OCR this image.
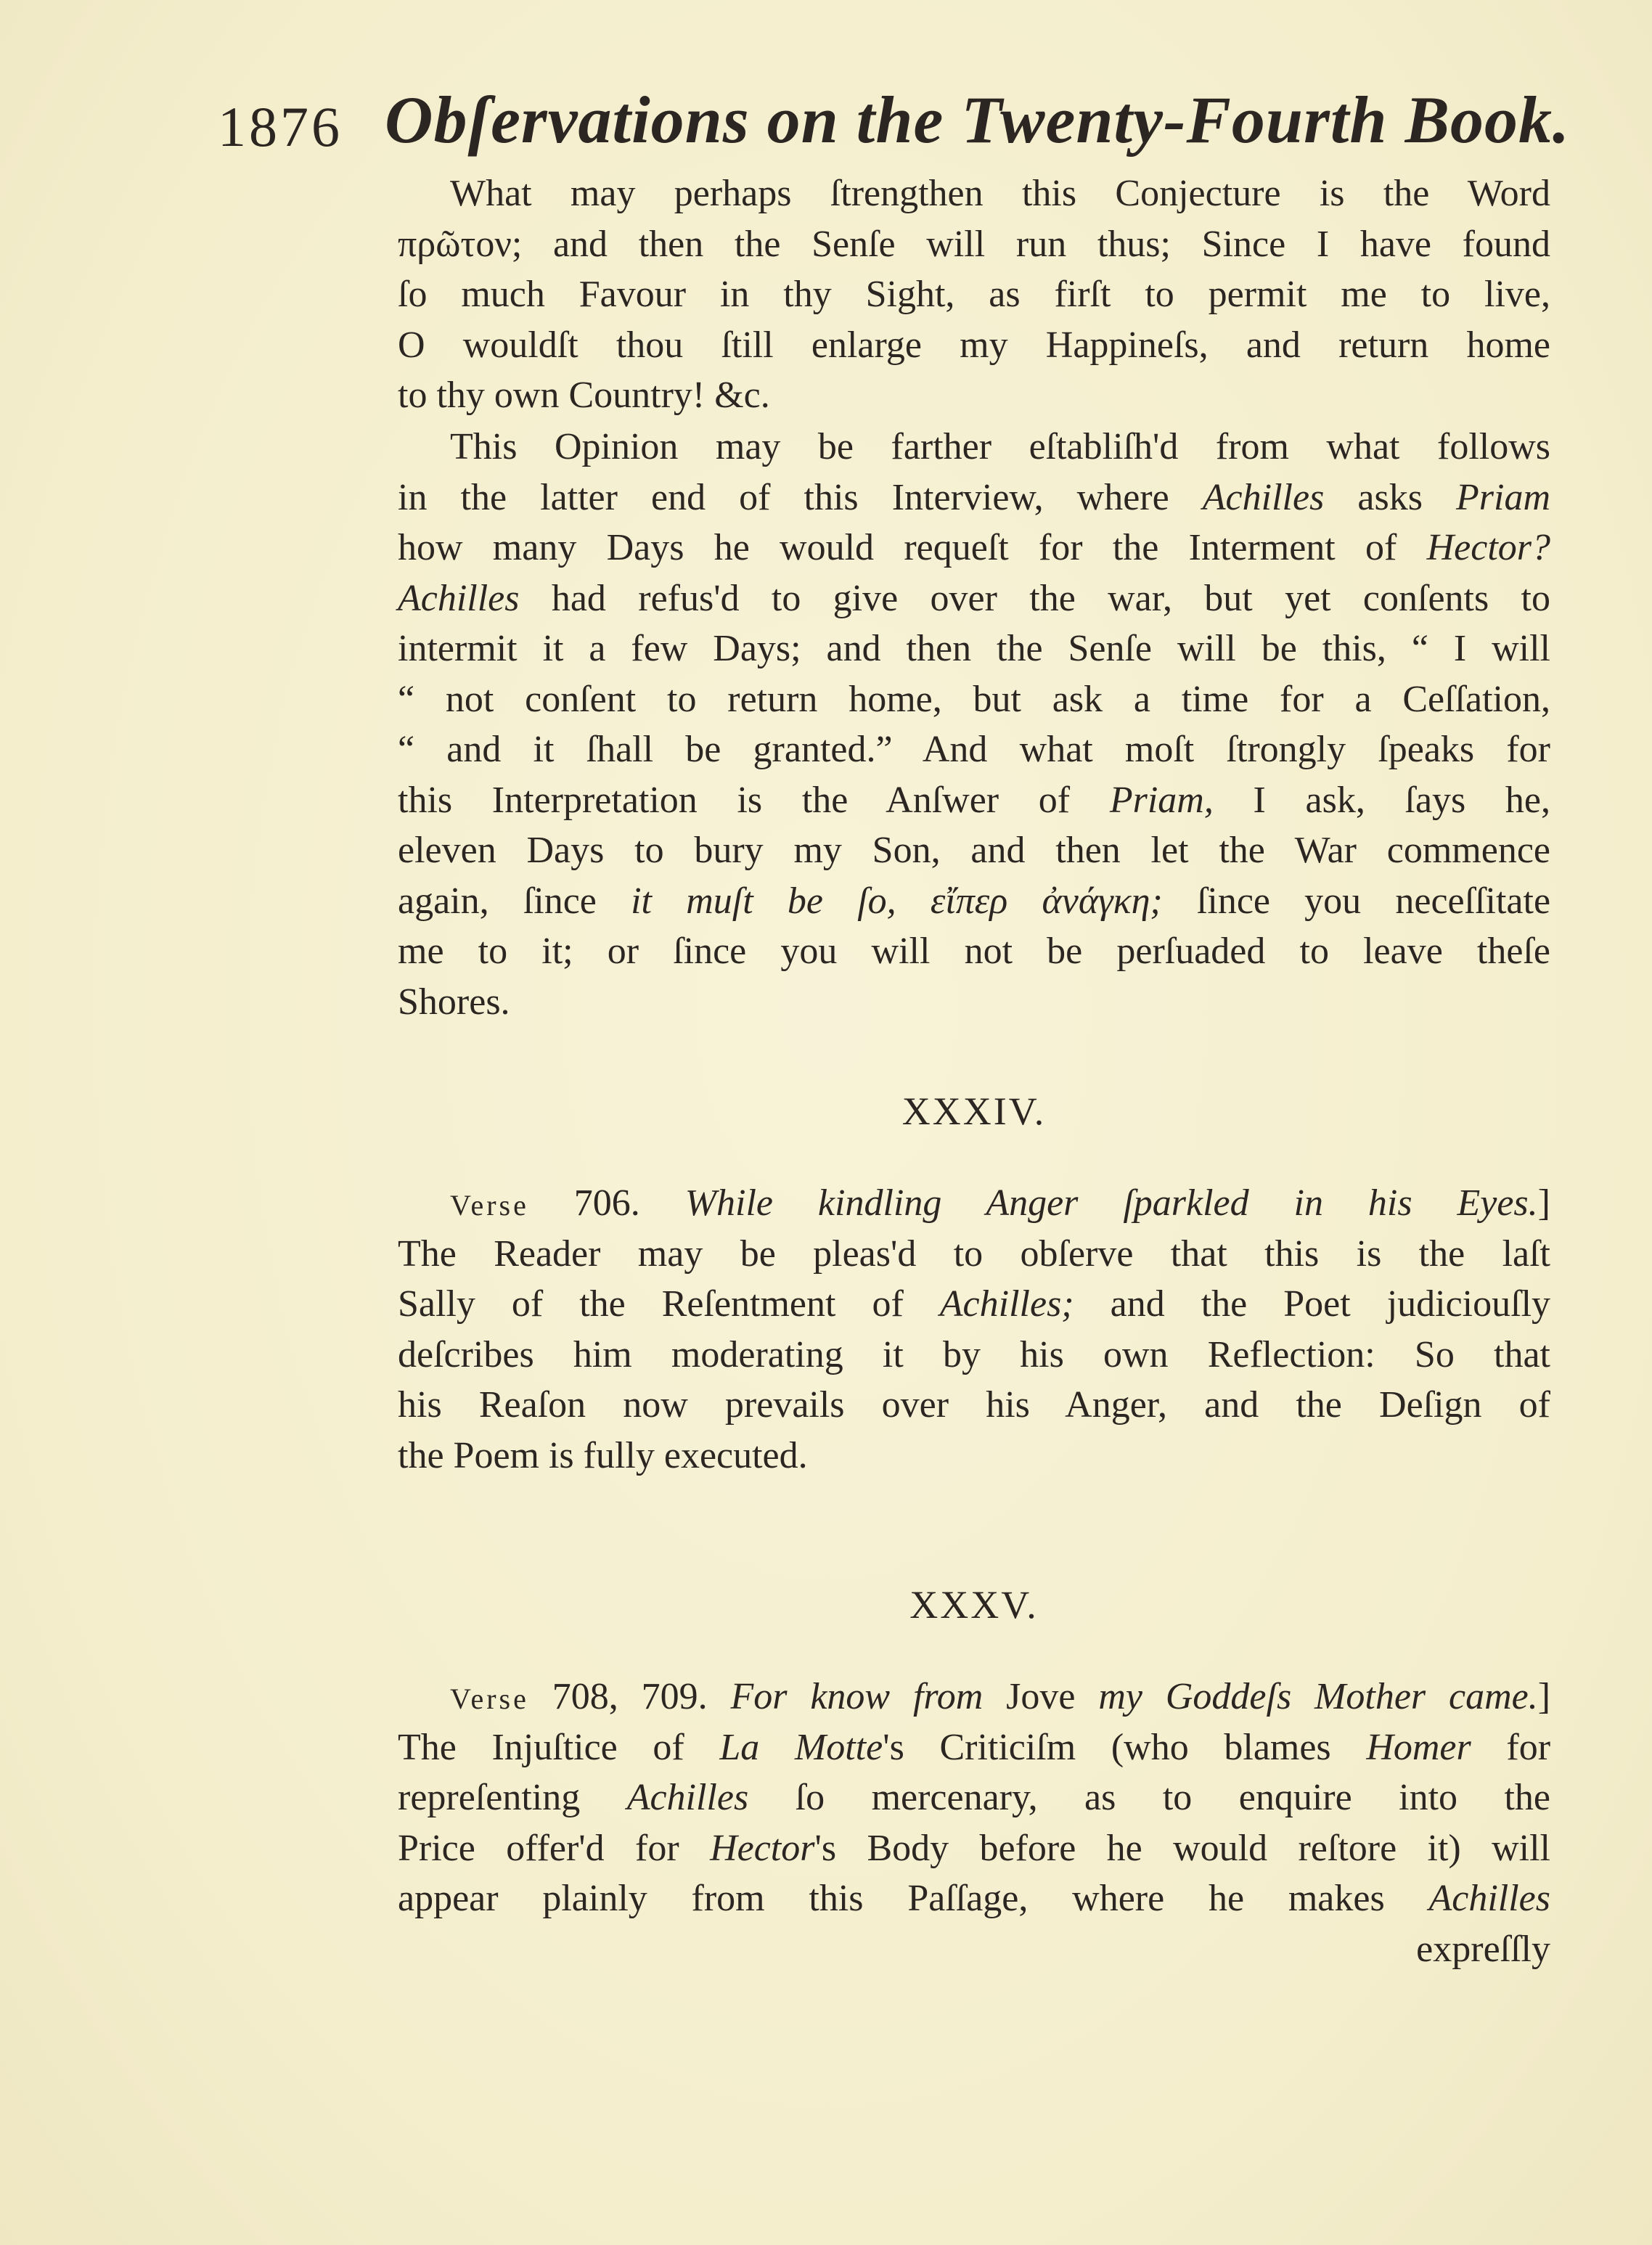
1876 Obſervations on the Twenty-Fourth Book.
What may perhaps ſtrengthen this Conjecture is the Word
πρῶτον; and then the Senſe will run thus; Since I have found
ſo much Favour in thy Sight, as firſt to permit me to live,
O wouldſt thou ſtill enlarge my Happineſs, and return home
to thy own Country! &c.
This Opinion may be farther eſtabliſh'd from what follows
in the latter end of this Interview, where Achilles asks Priam
how many Days he would requeſt for the Interment of Hector?
Achilles had refus'd to give over the war, but yet conſents to
intermit it a few Days; and then the Senſe will be this, “ I will
“ not conſent to return home, but ask a time for a Ceſſation,
“ and it ſhall be granted.” And what moſt ſtrongly ſpeaks for
this Interpretation is the Anſwer of Priam, I ask, ſays he,
eleven Days to bury my Son, and then let the War commence
again, ſince it muſt be ſo, εἴπερ ἀνάγκη; ſince you neceſſitate
me to it; or ſince you will not be perſuaded to leave theſe
Shores.
XXXIV.
Verse 706. While kindling Anger ſparkled in his Eyes.]
The Reader may be pleas'd to obſerve that this is the laſt
Sally of the Reſentment of Achilles; and the Poet judiciouſly
deſcribes him moderating it by his own Reflection: So that
his Reaſon now prevails over his Anger, and the Deſign of
the Poem is fully executed.
XXXV.
Verse 708, 709. For know from Jove my Goddeſs Mother came.]
The Injuſtice of La Motte's Criticiſm (who blames Homer for
repreſenting Achilles ſo mercenary, as to enquire into the
Price offer'd for Hector's Body before he would reſtore it) will
appear plainly from this Paſſage, where he makes Achilles
expreſſly
